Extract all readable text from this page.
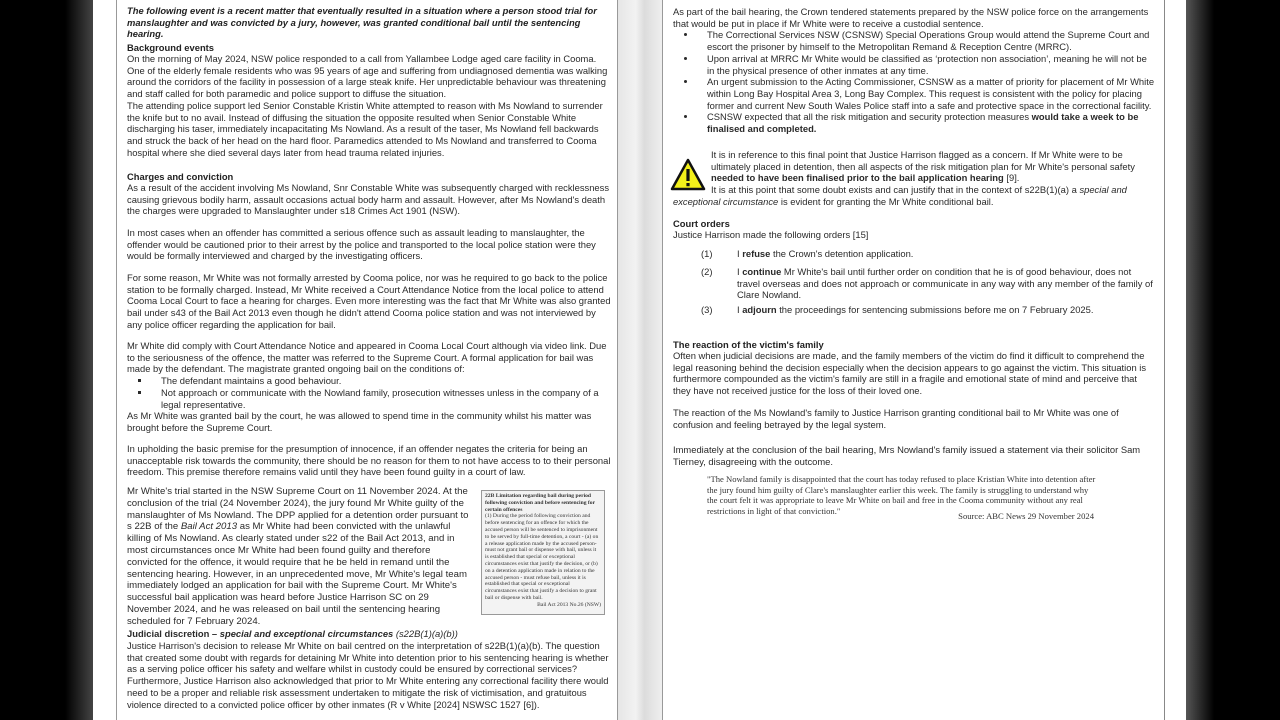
The following event is a recent matter that eventually resulted in a situation where a person stood trial for manslaughter and was convicted by a jury, however, was granted conditional bail until the sentencing hearing.
Background events
On the morning of May 2024, NSW police responded to a call from Yallambee Lodge aged care facility in Cooma. One of the elderly female residents who was 95 years of age and suffering from undiagnosed dementia was walking around the corridors of the facility in possession of a large steak knife. Her unpredictable behaviour was threatening and staff called for both paramedic and police support to diffuse the situation.
The attending police support led Senior Constable Kristin White attempted to reason with Ms Nowland to surrender the knife but to no avail. Instead of diffusing the situation the opposite resulted when Senior Constable White discharging his taser, immediately incapacitating Ms Nowland. As a result of the taser, Ms Nowland fell backwards and struck the back of her head on the hard floor. Paramedics attended to Ms Nowland and transferred to Cooma hospital where she died several days later from head trauma related injuries.
Charges and conviction
As a result of the accident involving Ms Nowland, Snr Constable White was subsequently charged with recklessness causing grievous bodily harm, assault occasions actual body harm and assault. However, after Ms Nowland's death the charges were upgraded to Manslaughter under s18 Crimes Act 1901 (NSW).
In most cases when an offender has committed a serious offence such as assault leading to manslaughter, the offender would be cautioned prior to their arrest by the police and transported to the local police station were they would be formally interviewed and charged by the investigating officers.
For some reason, Mr White was not formally arrested by Cooma police, nor was he required to go back to the police station to be formally charged. Instead, Mr White received a Court Attendance Notice from the local police to attend Cooma Local Court to face a hearing for charges. Even more interesting was the fact that Mr White was also granted bail under s43 of the Bail Act 2013 even though he didn't attend Cooma police station and was not interviewed by any police officer regarding the application for bail.
Mr White did comply with Court Attendance Notice and appeared in Cooma Local Court although via video link. Due to the seriousness of the offence, the matter was referred to the Supreme Court. A formal application for bail was made by the defendant. The magistrate granted ongoing bail on the conditions of:
▪ The defendant maintains a good behaviour.
▪ Not approach or communicate with the Nowland family, prosecution witnesses unless in the company of a legal representative.
As Mr White was granted bail by the court, he was allowed to spend time in the community whilst his matter was brought before the Supreme Court.
In upholding the basic premise for the presumption of innocence, if an offender negates the criteria for being an unacceptable risk towards the community, there should be no reason for them to not have access to to their personal freedom. This premise therefore remains valid until they have been found guilty in a court of law.
Mr White's trial started in the NSW Supreme Court on 11 November 2024. At the conclusion of the trial (24 November 2024), the jury found Mr White guilty of the manslaughter of Ms Nowland. The DPP applied for a detention order pursuant to s 22B of the Bail Act 2013 as Mr White had been convicted with the unlawful killing of Ms Nowland. As clearly stated under s22 of the Bail Act 2013, and in most circumstances once Mr White had been found guilty and therefore convicted for the offence, it would require that he be held in remand until the sentencing hearing. However, in an unprecedented move, Mr White's legal team immediately lodged an application for bail with the Supreme Court. Mr White's successful bail application was heard before Justice Harrison SC on 29 November 2024, and he was released on bail until the sentencing hearing scheduled for 7 February 2024.
22B Limitation regarding bail during period following conviction and before sentencing for certain offences
(1) During the period following conviction and before sentencing for an offence for which the accused person will be sentenced to imprisonment to be served by full-time detention, a court - (a) on a release application made by the accused person-must not grant bail or dispense with bail, unless it is established that special or exceptional circumstances exist that justify the decision, or (b) on a detention application made in relation to the accused person - must refuse bail, unless it is established that special or exceptional circumstances exist that justify a decision to grant bail or dispense with bail.
Bail Act 2013 No.26 (NSW)
Judicial discretion – special and exceptional circumstances (s22B(1)(a)(b))
Justice Harrison's decision to release Mr White on bail centred on the interpretation of s22B(1)(a)(b). The question that created some doubt with regards for detaining Mr White into detention prior to his sentencing hearing is whether as a serving police officer his safety and welfare whilst in custody could be ensured by correctional services? Furthermore, Justice Harrison also acknowledged that prior to Mr White entering any correctional facility there would need to be a proper and reliable risk assessment undertaken to mitigate the risk of victimisation, and gratuitous violence directed to a convicted police officer by other inmates (R v White [2024] NSWSC 1527 [6]).
As part of the bail hearing, the Crown tendered statements prepared by the NSW police force on the arrangements that would be put in place if Mr White were to receive a custodial sentence.
• The Correctional Services NSW (CSNSW) Special Operations Group would attend the Supreme Court and escort the prisoner by himself to the Metropolitan Remand & Reception Centre (MRRC).
• Upon arrival at MRRC Mr White would be classified as ‘protection non association’, meaning he will not be in the physical presence of other inmates at any time.
• An urgent submission to the Acting Commissioner, CSNSW as a matter of priority for placement of Mr White within Long Bay Hospital Area 3, Long Bay Complex. This request is consistent with the policy for placing former and current New South Wales Police staff into a safe and protective space in the correctional facility.
• CSNSW expected that all the risk mitigation and security protection measures would take a week to be finalised and completed.
It is in reference to this final point that Justice Harrison flagged as a concern. If Mr White were to be ultimately placed in detention, then all aspects of the risk mitigation plan for Mr White's personal safety needed to have been finalised prior to the bail application hearing [9].
It is at this point that some doubt exists and can justify that in the context of s22B(1)(a) a special and exceptional circumstance is evident for granting the Mr White conditional bail.
Court orders
Justice Harrison made the following orders [15]
(1)	I refuse the Crown's detention application.
(2)	I continue Mr White's bail until further order on condition that he is of good behaviour, does not travel overseas and does not approach or communicate in any way with any member of the family of Clare Nowland.
(3)	I adjourn the proceedings for sentencing submissions before me on 7 February 2025.
The reaction of the victim's family
Often when judicial decisions are made, and the family members of the victim do find it difficult to comprehend the legal reasoning behind the decision especially when the decision appears to go against the victim. This situation is furthermore compounded as the victim's family are still in a fragile and emotional state of mind and perceive that they have not received justice for the loss of their loved one.
The reaction of the Ms Nowland's family to Justice Harrison granting conditional bail to Mr White was one of confusion and feeling betrayed by the legal system.
Immediately at the conclusion of the bail hearing, Mrs Nowland's family issued a statement via their solicitor Sam Tierney, disagreeing with the outcome.
"The Nowland family is disappointed that the court has today refused to place Kristian White into detention after the jury found him guilty of Clare's manslaughter earlier this week. The family is struggling to understand why the court felt it was appropriate to leave Mr White on bail and free in the Cooma community without any real restrictions in light of that conviction."
Source: ABC News 29 November 2024
